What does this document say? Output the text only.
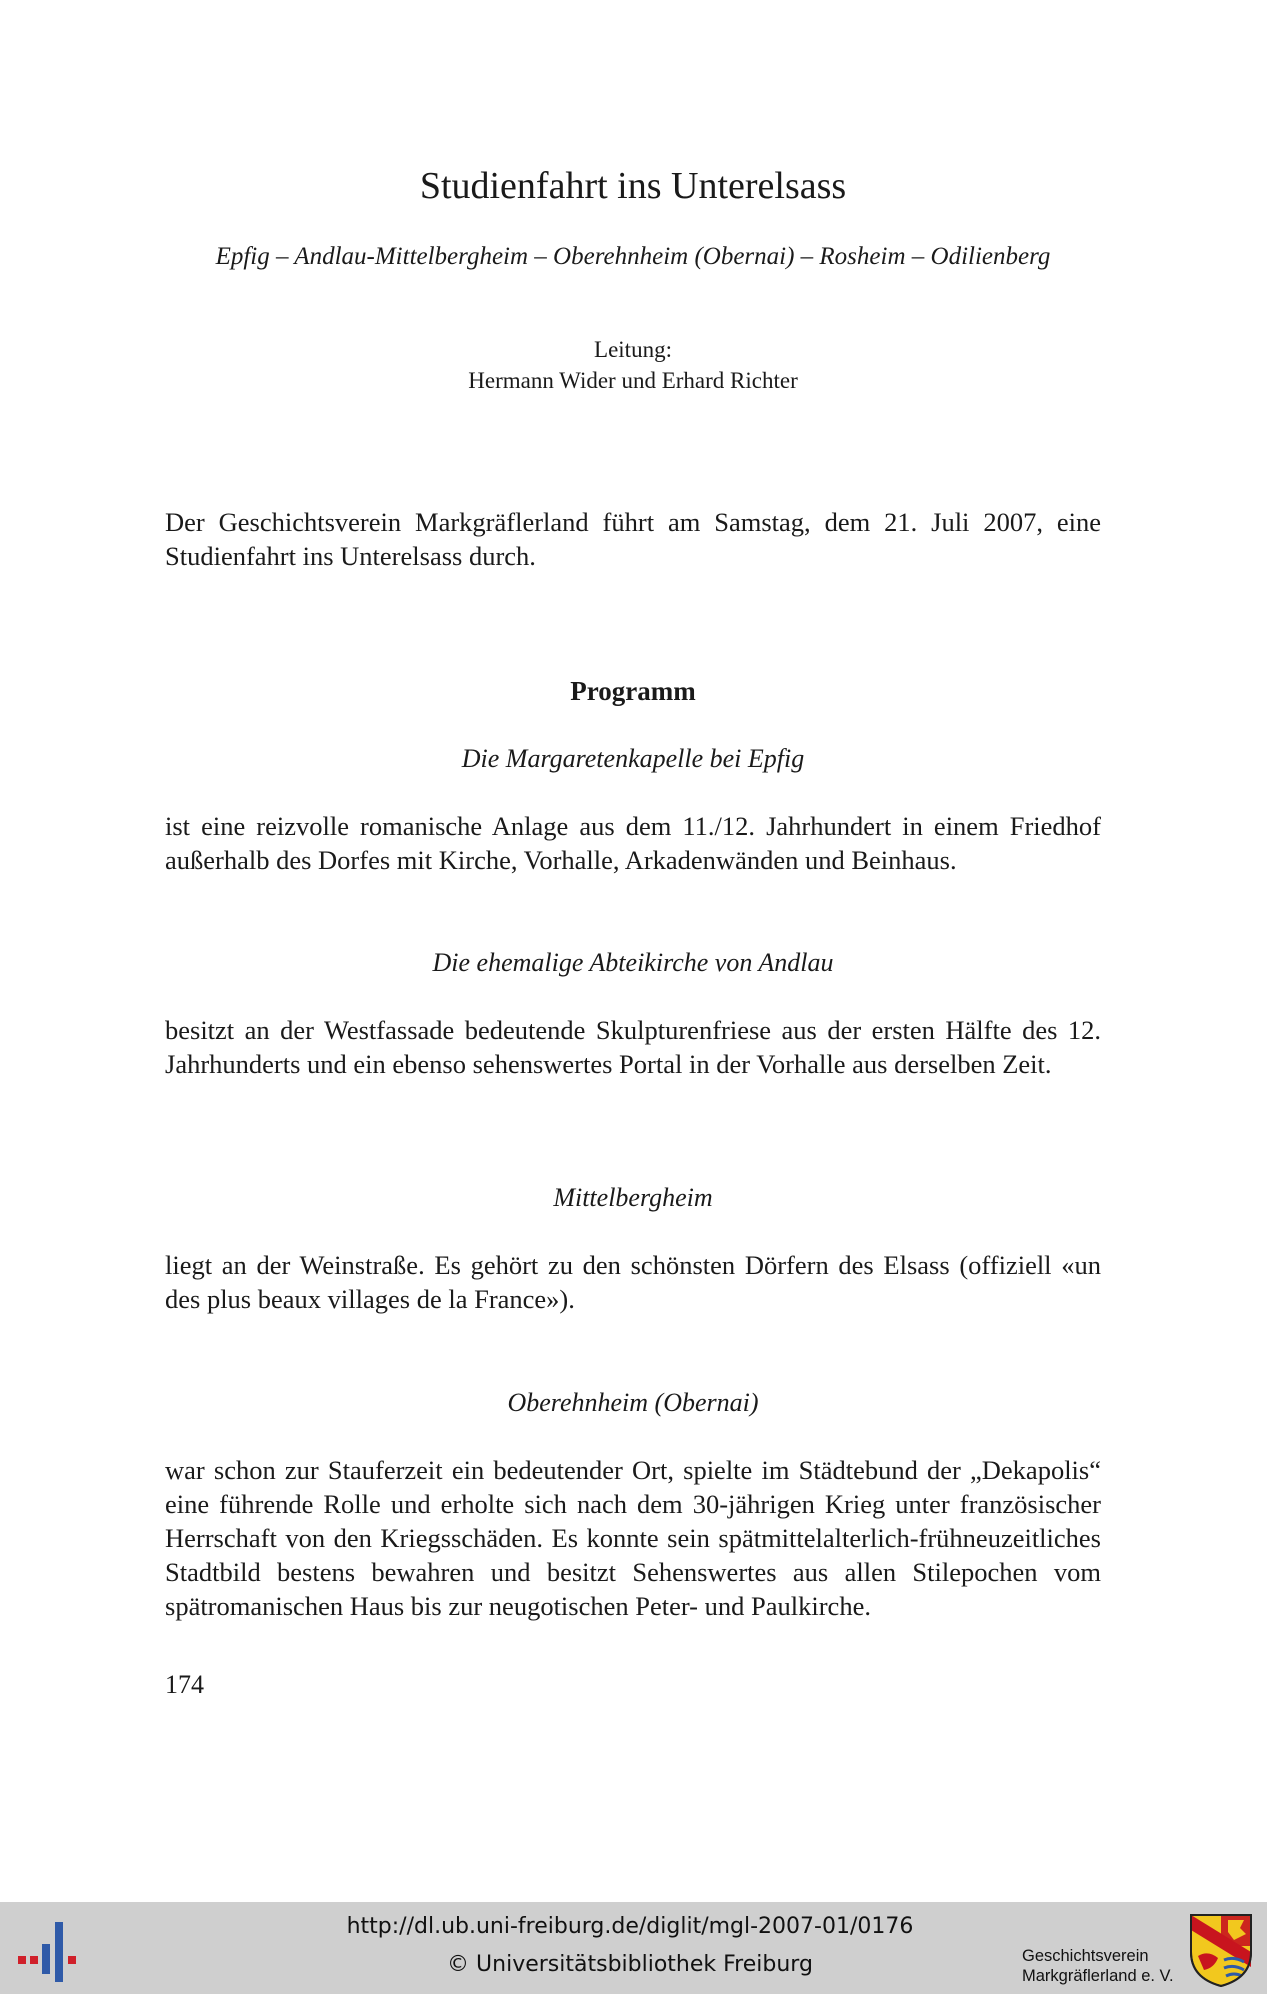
Studienfahrt ins Unterelsass
Epfig – Andlau-Mittelbergheim – Oberehnheim (Obernai) – Rosheim – Odilienberg
Leitung:
Hermann Wider und Erhard Richter

Der Geschichtsverein Markgräflerland führt am Samstag, dem 21. Juli 2007, eine Studienfahrt ins Unterelsass durch.

Programm
Die Margaretenkapelle bei Epfig

ist eine reizvolle romanische Anlage aus dem 11./12. Jahrhundert in einem Friedhof außerhalb des Dorfes mit Kirche, Vorhalle, Arkadenwänden und Beinhaus.

Die ehemalige Abteikirche von Andlau

besitzt an der Westfassade bedeutende Skulpturenfriese aus der ersten Hälfte des 12. Jahrhunderts und ein ebenso sehenswertes Portal in der Vorhalle aus derselben Zeit.

Mittelbergheim

liegt an der Weinstraße. Es gehört zu den schönsten Dörfern des Elsass (offiziell «un des plus beaux villages de la France»).

Oberehnheim (Obernai)

war schon zur Stauferzeit ein bedeutender Ort, spielte im Städtebund der „Dekapolis“ eine führende Rolle und erholte sich nach dem 30-jährigen Krieg unter französischer Herrschaft von den Kriegsschäden. Es konnte sein spätmittelalterlich-frühneuzeitliches Stadtbild bestens bewahren und besitzt Sehenswertes aus allen Stilepochen vom spätromanischen Haus bis zur neugotischen Peter- und Paulkirche.

174
http://dl.ub.uni-freiburg.de/diglit/mgl-2007-01/0176
© Universitätsbibliothek Freiburg	Geschichtsverein
Markgräflerland e. V.
